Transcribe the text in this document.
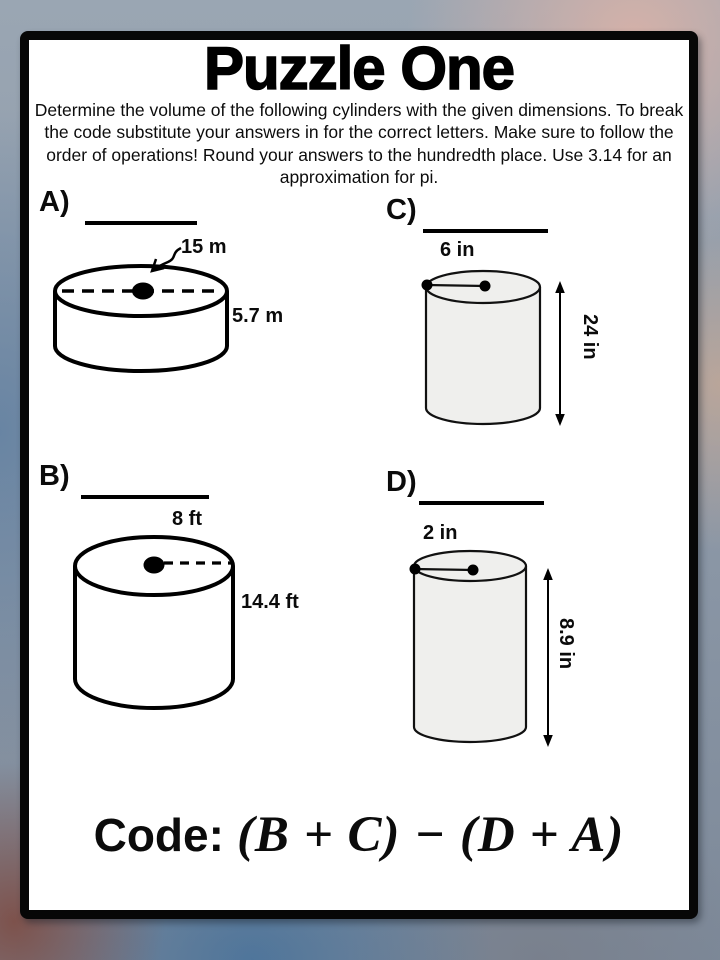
Puzzle One
Determine the volume of the following cylinders with the given dimensions. To break
the code substitute your answers in for the correct letters. Make sure to follow the
order of operations! Round your answers to the hundredth place. Use 3.14 for an
approximation for pi.
A)
15 m
5.7 m
C)
6 in
24 in
B)
8 ft
14.4 ft
D)
2 in
8.9 in
Code: (B + C) − (D + A)
